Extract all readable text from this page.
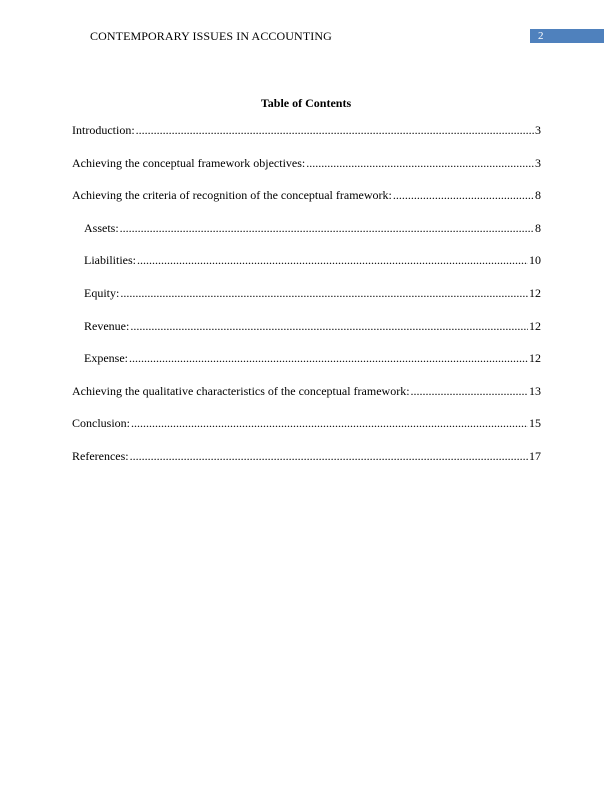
CONTEMPORARY ISSUES IN ACCOUNTING	2
Table of Contents
Introduction: .....	3
Achieving the conceptual framework objectives: .....	3
Achieving the criteria of recognition of the conceptual framework: .....	8
Assets: .....	8
Liabilities: .....	10
Equity: .....	12
Revenue: .....	12
Expense: .....	12
Achieving the qualitative characteristics of the conceptual framework: .....	13
Conclusion: .....	15
References: .....	17
